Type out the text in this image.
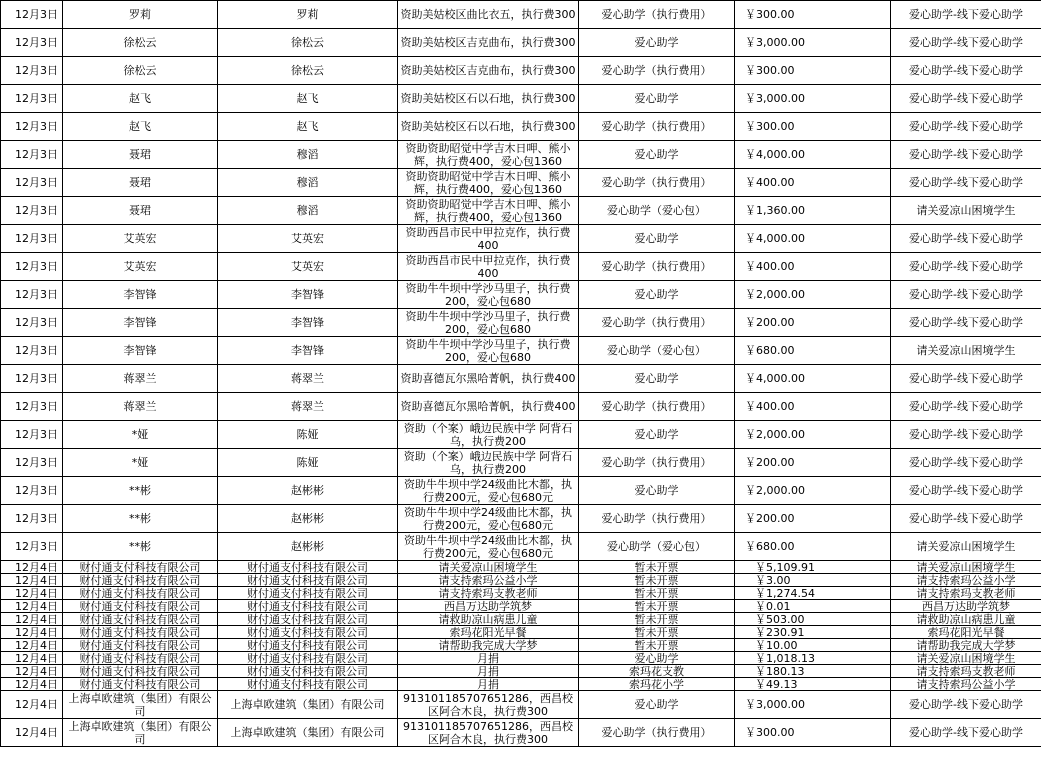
12月3日	罗莉	罗莉	资助美姑校区曲比衣五，执行费300	爱心助学（执行费用）	￥300.00	爱心助学-线下爱心助学
12月3日	徐松云	徐松云	资助美姑校区吉克曲布，执行费300	爱心助学	￥3,000.00	爱心助学-线下爱心助学
12月3日	徐松云	徐松云	资助美姑校区吉克曲布，执行费300	爱心助学（执行费用）	￥300.00	爱心助学-线下爱心助学
12月3日	赵飞	赵飞	资助美姑校区石以石地，执行费300	爱心助学	￥3,000.00	爱心助学-线下爱心助学
12月3日	赵飞	赵飞	资助美姑校区石以石地，执行费300	爱心助学（执行费用）	￥300.00	爱心助学-线下爱心助学
12月3日	聂珺	穆滔	资助资助昭觉中学吉木日呷、熊小辉，执行费400，爱心包1360	爱心助学	￥4,000.00	爱心助学-线下爱心助学
12月3日	聂珺	穆滔	资助资助昭觉中学吉木日呷、熊小辉，执行费400，爱心包1360	爱心助学（执行费用）	￥400.00	爱心助学-线下爱心助学
12月3日	聂珺	穆滔	资助资助昭觉中学吉木日呷、熊小辉，执行费400，爱心包1360	爱心助学（爱心包）	￥1,360.00	请关爱凉山困境学生
12月3日	艾英宏	艾英宏	资助西昌市民中甲拉克作，执行费400	爱心助学	￥4,000.00	爱心助学-线下爱心助学
12月3日	艾英宏	艾英宏	资助西昌市民中甲拉克作，执行费400	爱心助学（执行费用）	￥400.00	爱心助学-线下爱心助学
12月3日	李智锋	李智锋	资助牛牛坝中学沙马里子，执行费200，爱心包680	爱心助学	￥2,000.00	爱心助学-线下爱心助学
12月3日	李智锋	李智锋	资助牛牛坝中学沙马里子，执行费200，爱心包680	爱心助学（执行费用）	￥200.00	爱心助学-线下爱心助学
12月3日	李智锋	李智锋	资助牛牛坝中学沙马里子，执行费200，爱心包680	爱心助学（爱心包）	￥680.00	请关爱凉山困境学生
12月3日	蒋翠兰	蒋翠兰	资助喜德瓦尔黑哈菁帆，执行费400	爱心助学	￥4,000.00	爱心助学-线下爱心助学
12月3日	蒋翠兰	蒋翠兰	资助喜德瓦尔黑哈菁帆，执行费400	爱心助学（执行费用）	￥400.00	爱心助学-线下爱心助学
12月3日	*娅	陈娅	资助（个案）峨边民族中学 阿背石乌，执行费200	爱心助学	￥2,000.00	爱心助学-线下爱心助学
12月3日	*娅	陈娅	资助（个案）峨边民族中学 阿背石乌，执行费200	爱心助学（执行费用）	￥200.00	爱心助学-线下爱心助学
12月3日	**彬	赵彬彬	资助牛牛坝中学24级曲比木都，执行费200元，爱心包680元	爱心助学	￥2,000.00	爱心助学-线下爱心助学
12月3日	**彬	赵彬彬	资助牛牛坝中学24级曲比木都，执行费200元，爱心包680元	爱心助学（执行费用）	￥200.00	爱心助学-线下爱心助学
12月3日	**彬	赵彬彬	资助牛牛坝中学24级曲比木都，执行费200元，爱心包680元	爱心助学（爱心包）	￥680.00	请关爱凉山困境学生
12月4日	财付通支付科技有限公司	财付通支付科技有限公司	请关爱凉山困境学生	暂未开票	￥5,109.91	请关爱凉山困境学生
12月4日	财付通支付科技有限公司	财付通支付科技有限公司	请支持索玛公益小学	暂未开票	￥3.00	请支持索玛公益小学
12月4日	财付通支付科技有限公司	财付通支付科技有限公司	请支持索玛支教老师	暂未开票	￥1,274.54	请支持索玛支教老师
12月4日	财付通支付科技有限公司	财付通支付科技有限公司	西昌万达助学筑梦	暂未开票	￥0.01	西昌万达助学筑梦
12月4日	财付通支付科技有限公司	财付通支付科技有限公司	请救助凉山病患儿童	暂未开票	￥503.00	请救助凉山病患儿童
12月4日	财付通支付科技有限公司	财付通支付科技有限公司	索玛花阳光早餐	暂未开票	￥230.91	索玛花阳光早餐
12月4日	财付通支付科技有限公司	财付通支付科技有限公司	请帮助我完成大学梦	暂未开票	￥10.00	请帮助我完成大学梦
12月4日	财付通支付科技有限公司	财付通支付科技有限公司	月捐	爱心助学	￥1,018.13	请关爱凉山困境学生
12月4日	财付通支付科技有限公司	财付通支付科技有限公司	月捐	索玛花支教	￥180.13	请支持索玛支教老师
12月4日	财付通支付科技有限公司	财付通支付科技有限公司	月捐	索玛花小学	￥49.13	请支持索玛公益小学
12月4日	上海卓欧建筑（集团）有限公司	上海卓欧建筑（集团）有限公司	913101185707651286，西昌校区阿合木良，执行费300	爱心助学	￥3,000.00	爱心助学-线下爱心助学
12月4日	上海卓欧建筑（集团）有限公司	上海卓欧建筑（集团）有限公司	913101185707651286，西昌校区阿合木良，执行费300	爱心助学（执行费用）	￥300.00	爱心助学-线下爱心助学
